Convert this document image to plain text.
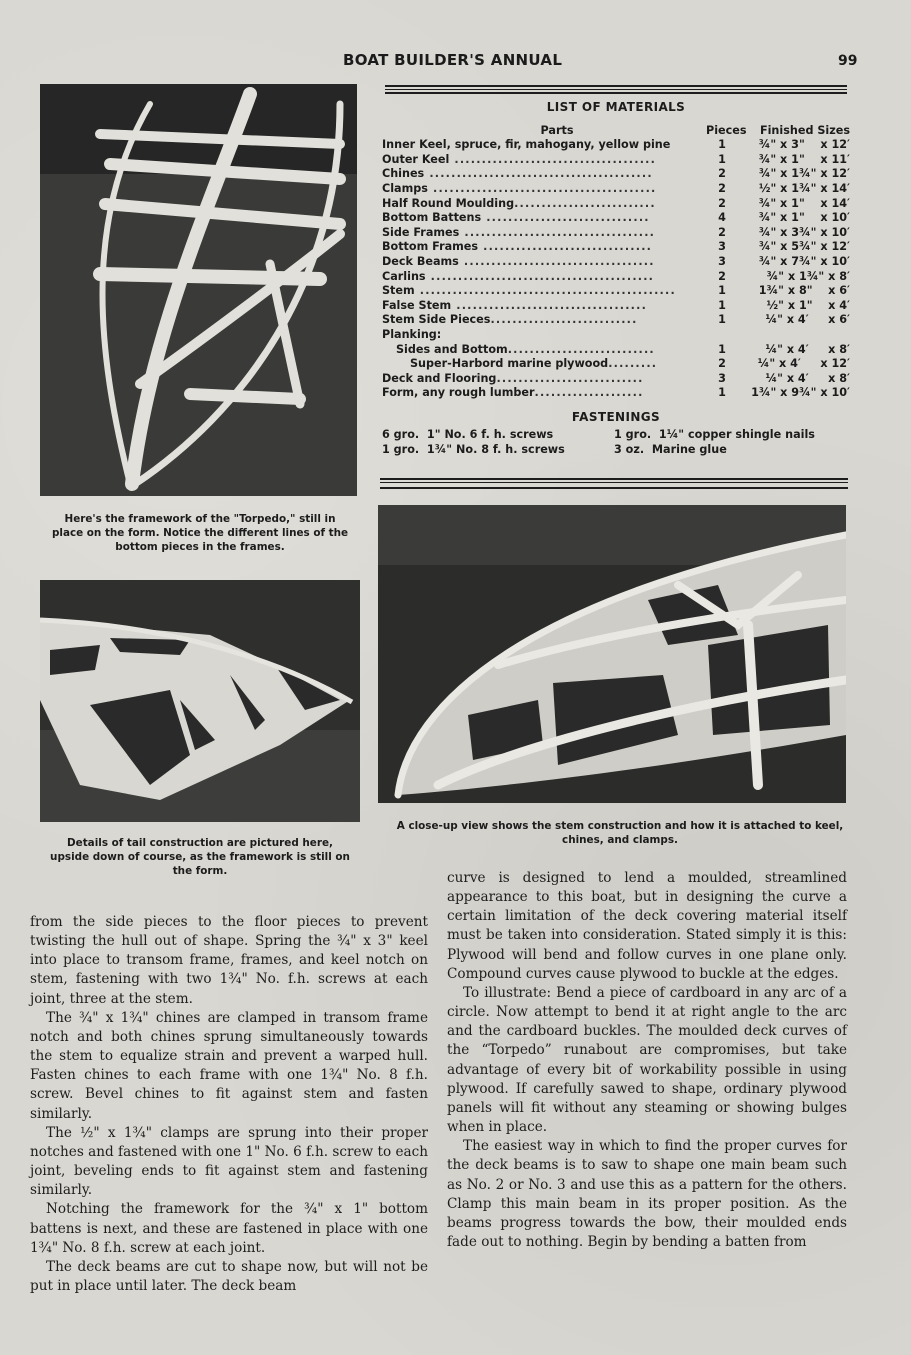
BOAT BUILDER'S ANNUAL	99
LIST OF MATERIALS
Parts	Pieces	Finished Sizes
Inner Keel, spruce, fir, mahogany, yellow pine	1	¾" x 3"    x 12′
Outer Keel .....................................	1	¾" x 1"    x 11′
Chines .........................................	2	¾" x 1¾" x 12′
Clamps .........................................	2	½" x 1¾" x 14′
Half Round Moulding..........................	2	¾" x 1"    x 14′
Bottom Battens ..............................	4	¾" x 1"    x 10′
Side Frames ...................................	2	¾" x 3¾" x 10′
Bottom Frames ...............................	3	¾" x 5¾" x 12′
Deck Beams ...................................	3	¾" x 7¾" x 10′
Carlins .........................................	2	¾" x 1¾" x 8′
Stem ...............................................	1	1¾" x 8"    x 6′
False Stem ...................................	1	½" x 1"    x 4′
Stem Side Pieces...........................	1	¼" x 4′     x 6′
Planking:
Sides and Bottom...........................	1	¼" x 4′     x 8′
Super-Harbord marine plywood.........	2	¼" x 4′     x 12′
Deck and Flooring...........................	3	¼" x 4′     x 8′
Form, any rough lumber....................	1	1¾" x 9¾" x 10′
FASTENINGS
6 gro.  1" No. 6 f. h. screws	1 gro.  1¼" copper shingle nails
1 gro.  1¾" No. 8 f. h. screws	3 oz.  Marine glue
Here's the framework of the "Torpedo," still in place on the form. Notice the different lines of the bottom pieces in the frames.
A close-up view shows the stem construction and how it is attached to keel, chines, and clamps.
Details of tail construction are pictured here, upside down of course, as the framework is still on the form.

from the side pieces to the floor pieces to prevent twisting the hull out of shape. Spring the ¾" x 3" keel into place to transom frame, frames, and keel notch on stem, fastening with two 1¾" No. f.h. screws at each joint, three at the stem.

The ¾" x 1¾" chines are clamped in transom frame notch and both chines sprung simultaneously towards the stem to equalize strain and prevent a warped hull. Fasten chines to each frame with one 1¾" No. 8 f.h. screw. Bevel chines to fit against stem and fasten similarly.

The ½" x 1¾" clamps are sprung into their proper notches and fastened with one 1" No. 6 f.h. screw to each joint, beveling ends to fit against stem and fastening similarly.

Notching the framework for the ¾" x 1" bottom battens is next, and these are fastened in place with one 1¾" No. 8 f.h. screw at each joint.

The deck beams are cut to shape now, but will not be put in place until later. The deck beam

curve is designed to lend a moulded, streamlined appearance to this boat, but in designing the curve a certain limitation of the deck covering material itself must be taken into consideration. Stated simply it is this: Plywood will bend and follow curves in one plane only. Compound curves cause plywood to buckle at the edges.

To illustrate: Bend a piece of cardboard in any arc of a circle. Now attempt to bend it at right angle to the arc and the cardboard buckles. The moulded deck curves of the “Torpedo” runabout are compromises, but take advantage of every bit of workability possible in using plywood. If carefully sawed to shape, ordinary plywood panels will fit without any steaming or showing bulges when in place.

The easiest way in which to find the proper curves for the deck beams is to saw to shape one main beam such as No. 2 or No. 3 and use this as a pattern for the others. Clamp this main beam in its proper position. As the beams progress towards the bow, their moulded ends fade out to nothing. Begin by bending a batten from
